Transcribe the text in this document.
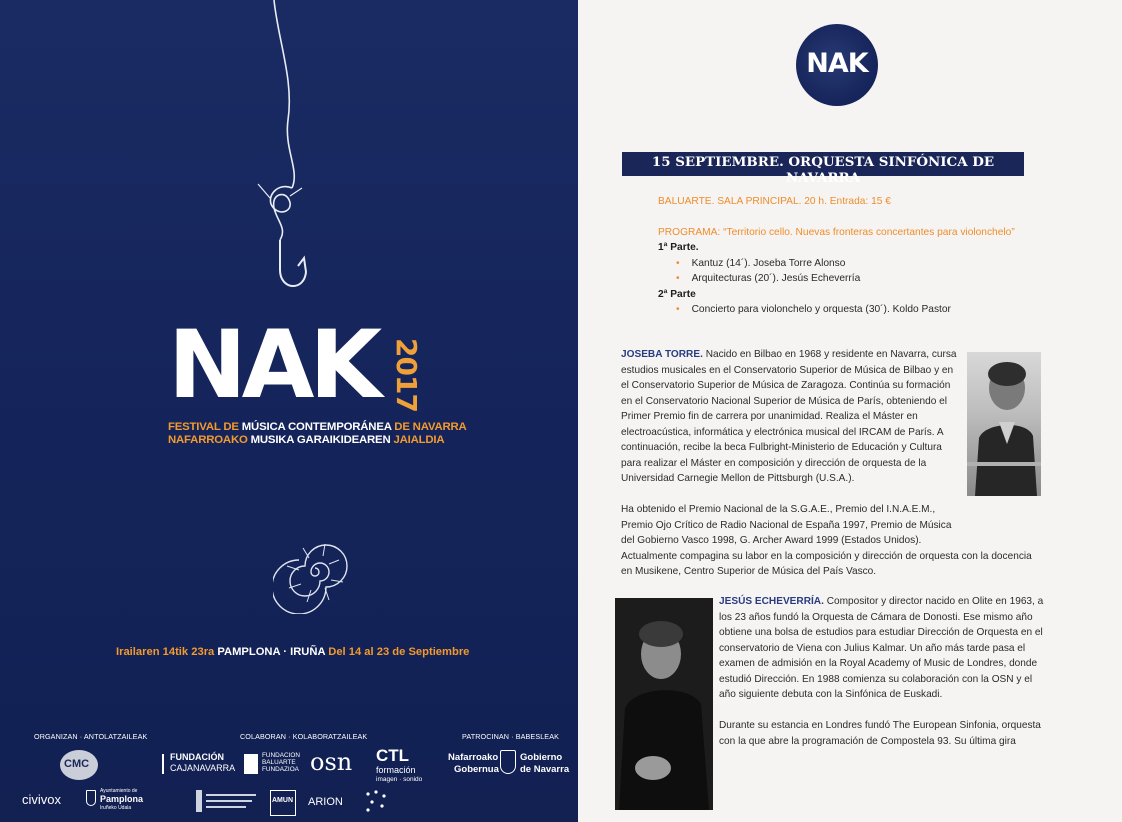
NAK 2017
FESTIVAL DE MÚSICA CONTEMPORÁNEA DE NAVARRA
NAFARROAKO MUSIKA GARAIKIDEAREN JAIALDIA
Irailaren 14tik 23ra PAMPLONA · IRUÑA Del 14 al 23 de Septiembre
ORGANIZAN · ANTOLATZAILEAK	COLABORAN · KOLABORATZAILEAK	PATROCINAN · BABESLEAK
CMC
FUNDACIÓN
CAJANAVARRA
FUNDACION
BALUARTE
FUNDAZIOA osn CTL
formación
imagen · sonido
Nafarroako
Gobernua
Gobierno
de Navarra
civivox
Ayuntamiento de
Pamplona
Iruñeko Udala
AMUN ARION
NAK
15 SEPTIEMBRE. ORQUESTA SINFÓNICA DE NAVARRA
BALUARTE. SALA PRINCIPAL. 20 h. Entrada: 15 €
PROGRAMA: “Territorio cello. Nuevas fronteras concertantes para violonchelo”
1ª Parte.
• Kantuz (14´). Joseba Torre Alonso
• Arquitecturas (20´). Jesús Echeverría
2ª Parte
• Concierto para violonchelo y orquesta (30´). Koldo Pastor
JOSEBA TORRE. Nacido en Bilbao en 1968 y residente en Navarra, cursa
estudios musicales en el Conservatorio Superior de Música de Bilbao y en
el Conservatorio Superior de Música de Zaragoza. Continúa su formación
en el Conservatorio Nacional Superior de Música de París, obteniendo el
Primer Premio fin de carrera por unanimidad. Realiza el Máster en
electroacústica, informática y electrónica musical del IRCAM de París. A
continuación, recibe la beca Fulbright-Ministerio de Educación y Cultura
para realizar el Máster en composición y dirección de orquesta de la
Universidad Carnegie Mellon de Pittsburgh (U.S.A.).
Ha obtenido el Premio Nacional de la S.G.A.E., Premio del I.N.A.E.M.,
Premio Ojo Crítico de Radio Nacional de España 1997, Premio de Música
del Gobierno Vasco 1998, G. Archer Award 1999 (Estados Unidos).
Actualmente compagina su labor en la composición y dirección de orquesta con la docencia
en Musikene, Centro Superior de Música del País Vasco.
JESÚS ECHEVERRÍA. Compositor y director nacido en Olite en 1963, a
los 23 años fundó la Orquesta de Cámara de Donosti. Ese mismo año
obtiene una bolsa de estudios para estudiar Dirección de Orquesta en el
conservatorio de Viena con Julius Kalmar. Un año más tarde pasa el
examen de admisión en la Royal Academy of Music de Londres, donde
estudió Dirección. En 1988 comienza su colaboración con la OSN y el
año siguiente debuta con la Sinfónica de Euskadi.
Durante su estancia en Londres fundó The European Sinfonia, orquesta
con la que abre la programación de Compostela 93. Su última gira
